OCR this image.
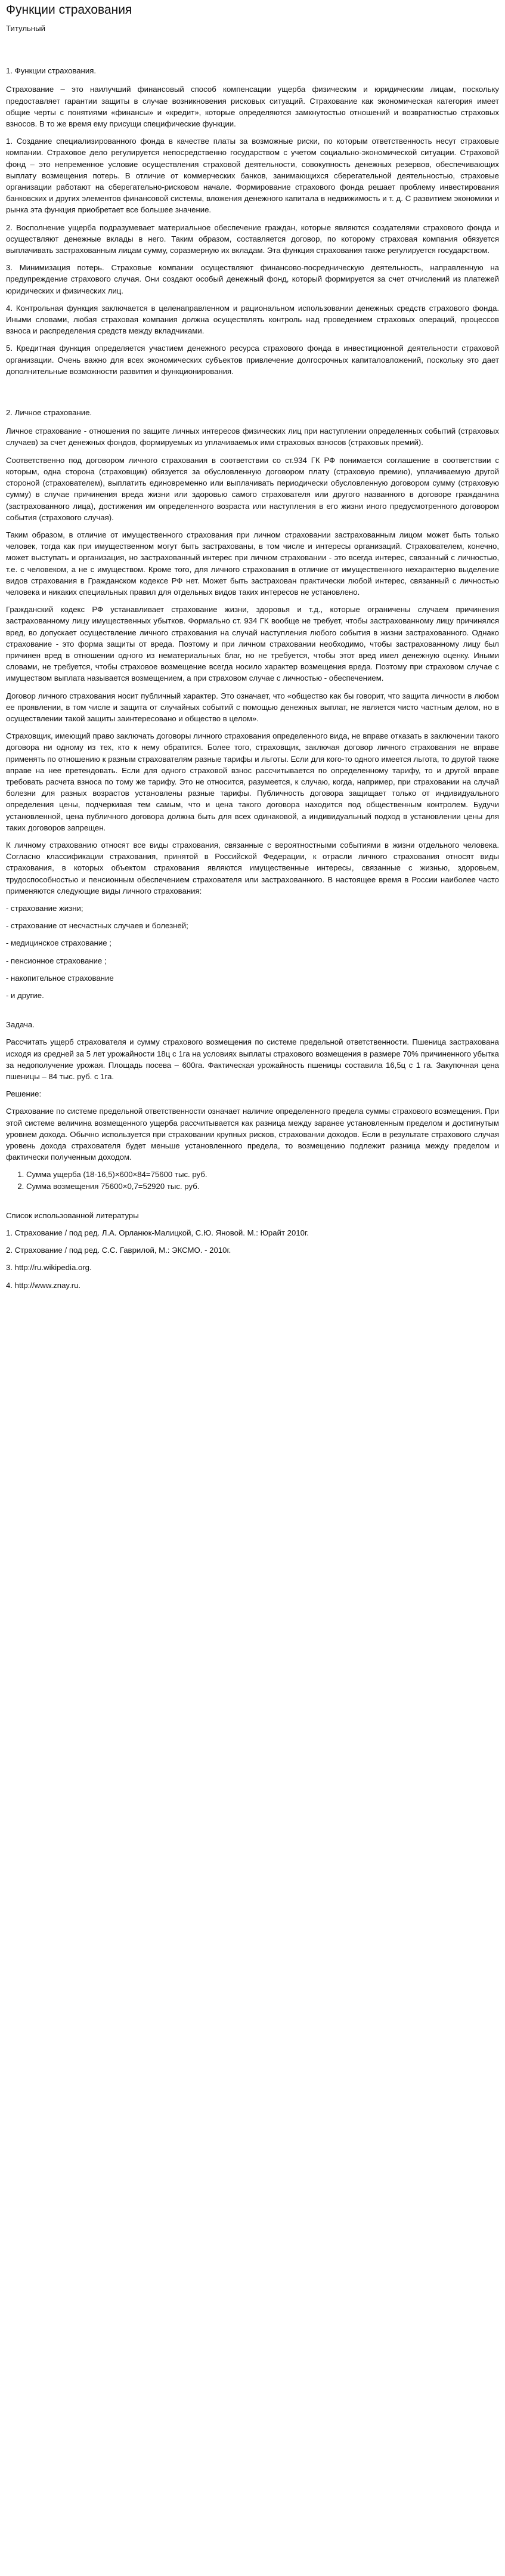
Функции страхования
Титульный
1. Функции страхования.

Страхование – это наилучший финансовый способ компенсации ущерба физическим и юридическим лицам, поскольку предоставляет гарантии защиты в случае возникновения рисковых ситуаций. Страхование как экономическая категория имеет общие черты с понятиями «финансы» и «кредит», которые определяются замкнутостью отношений и возвратностью страховых взносов. В то же время ему присущи специфические функции.

1. Создание специализированного фонда в качестве платы за возможные риски, по которым ответственность несут страховые компании. Страховое дело регулируется непосредственно государством с учетом социально-экономической ситуации. Страховой фонд – это непременное условие осуществления страховой деятельности, совокупность денежных резервов, обеспечивающих выплату возмещения потерь. В отличие от коммерческих банков, занимающихся сберегательной деятельностью, страховые организации работают на сберегательно-рисковом начале. Формирование страхового фонда решает проблему инвестирования банковских и других элементов финансовой системы, вложения денежного капитала в недвижимость и т. д. С развитием экономики и рынка эта функция приобретает все большее значение.

2. Восполнение ущерба подразумевает материальное обеспечение граждан, которые являются создателями страхового фонда и осуществляют денежные вклады в него. Таким образом, составляется договор, по которому страховая компания обязуется выплачивать застрахованным лицам сумму, соразмерную их вкладам. Эта функция страхования также регулируется государством.

3. Минимизация потерь. Страховые компании осуществляют финансово-посредническую деятельность, направленную на предупреждение страхового случая. Они создают особый денежный фонд, который формируется за счет отчислений из платежей юридических и физических лиц.

4. Контрольная функция заключается в целенаправленном и рациональном использовании денежных средств страхового фонда. Иными словами, любая страховая компания должна осуществлять контроль над проведением страховых операций, процессов взноса и распределения средств между вкладчиками.

5. Кредитная функция определяется участием денежного ресурса страхового фонда в инвестиционной деятельности страховой организации. Очень важно для всех экономических субъектов привлечение долгосрочных капиталовложений, поскольку это дает дополнительные возможности развития и функционирования.

2. Личное страхование.

Личное страхование - отношения по защите личных интересов физических лиц при наступлении определенных событий (страховых случаев) за счет денежных фондов, формируемых из уплачиваемых ими страховых взносов (страховых премий).

Соответственно под договором личного страхования в соответствии со ст.934 ГК РФ понимается соглашение в соответствии с которым, одна сторона (страховщик) обязуется за обусловленную договором плату (страховую премию), уплачиваемую другой стороной (страхователем), выплатить единовременно или выплачивать периодически обусловленную договором сумму (страховую сумму) в случае причинения вреда жизни или здоровью самого страхователя или другого названного в договоре гражданина (застрахованного лица), достижения им определенного возраста или наступления в его жизни иного предусмотренного договором события (страхового случая).

Таким образом, в отличие от имущественного страхования при личном страховании застрахованным лицом может быть только человек, тогда как при имущественном могут быть застрахованы, в том числе и интересы организаций. Страхователем, конечно, может выступать и организация, но застрахованный интерес при личном страховании - это всегда интерес, связанный с личностью, т.е. с человеком, а не с имуществом. Кроме того, для личного страхования в отличие от имущественного нехарактерно выделение видов страхования в Гражданском кодексе РФ нет. Может быть застрахован практически любой интерес, связанный с личностью человека и никаких специальных правил для отдельных видов таких интересов не установлено.

Гражданский кодекс РФ устанавливает страхование жизни, здоровья и т.д., которые ограничены случаем причинения застрахованному лицу имущественных убытков. Формально ст. 934 ГК вообще не требует, чтобы застрахованному лицу причинялся вред, во допускает осуществление личного страхования на случай наступления любого события в жизни застрахованного. Однако страхование - это форма защиты от вреда. Поэтому и при личном страховании необходимо, чтобы застрахованному лицу был причинен вред в отношении одного из нематериальных благ, но не требуется, чтобы этот вред имел денежную оценку. Иными словами, не требуется, чтобы страховое возмещение всегда носило характер возмещения вреда. Поэтому при страховом случае с имуществом выплата называется возмещением, а при страховом случае с личностью - обеспечением.

Договор личного страхования носит публичный характер. Это означает, что «общество как бы говорит, что защита личности в любом ее проявлении, в том числе и защита от случайных событий с помощью денежных выплат, не является чисто частным делом, но в осуществлении такой защиты заинтересовано и общество в целом».

Страховщик, имеющий право заключать договоры личного страхования определенного вида, не вправе отказать в заключении такого договора ни одному из тех, кто к нему обратится. Более того, страховщик, заключая договор личного страхования не вправе применять по отношению к разным страхователям разные тарифы и льготы. Если для кого-то одного имеется льгота, то другой также вправе на нее претендовать. Если для одного страховой взнос рассчитывается по определенному тарифу, то и другой вправе требовать расчета взноса по тому же тарифу. Это не относится, разумеется, к случаю, когда, например, при страховании на случай болезни для разных возрастов установлены разные тарифы. Публичность договора защищает только от индивидуального определения цены, подчеркивая тем самым, что и цена такого договора находится под общественным контролем. Будучи установленной, цена публичного договора должна быть для всех одинаковой, а индивидуальный подход в установлении цены для таких договоров запрещен.

К личному страхованию относят все виды страхования, связанные с вероятностными событиями в жизни отдельного человека. Согласно классификации страхования, принятой в Российской Федерации, к отрасли личного страхования относят виды страхования, в которых объектом страхования являются имущественные интересы, связанные с жизнью, здоровьем, трудоспособностью и пенсионным обеспечением страхователя или застрахованного. В настоящее время в России наиболее часто применяются следующие виды личного страхования:

- страхование жизни;
- страхование от несчастных случаев и болезней;
- медицинское страхование ;
- пенсионное страхование ;
- накопительное страхование
- и другие.

Задача.

Рассчитать ущерб страхователя и сумму страхового возмещения по системе предельной ответственности. Пшеница застрахована исходя из средней за 5 лет урожайности 18ц с 1га на условиях выплаты страхового возмещения в размере 70% причиненного убытка за недополучение урожая. Площадь посева – 600га. Фактическая урожайность пшеницы составила 16,5ц с 1 га. Закупочная цена пшеницы – 84 тыс. руб. с 1га.

Решение:

Страхование по системе предельной ответственности означает наличие определенного предела суммы страхового возмещения. При этой системе величина возмещенного ущерба рассчитывается как разница между заранее установленным пределом и достигнутым уровнем дохода. Обычно используется при страховании крупных рисков, страховании доходов. Если в результате страхового случая уровень дохода страхователя будет меньше установленного предела, то возмещению подлежит разница между пределом и фактически полученным доходом.

1. Сумма ущерба (18-16,5)×600×84=75600 тыс. руб.
2. Сумма возмещения 75600×0,7=52920 тыс. руб.

Список использованной литературы

1. Страхование / под ред. Л.А. Орланюк-Малицкой, С.Ю. Яновой. М.: Юрайт 2010г.

2. Страхование / под ред. С.С. Гаврилой, М.: ЭКСМО. - 2010г.

3. http://ru.wikipedia.org.

4. http://www.znay.ru.
